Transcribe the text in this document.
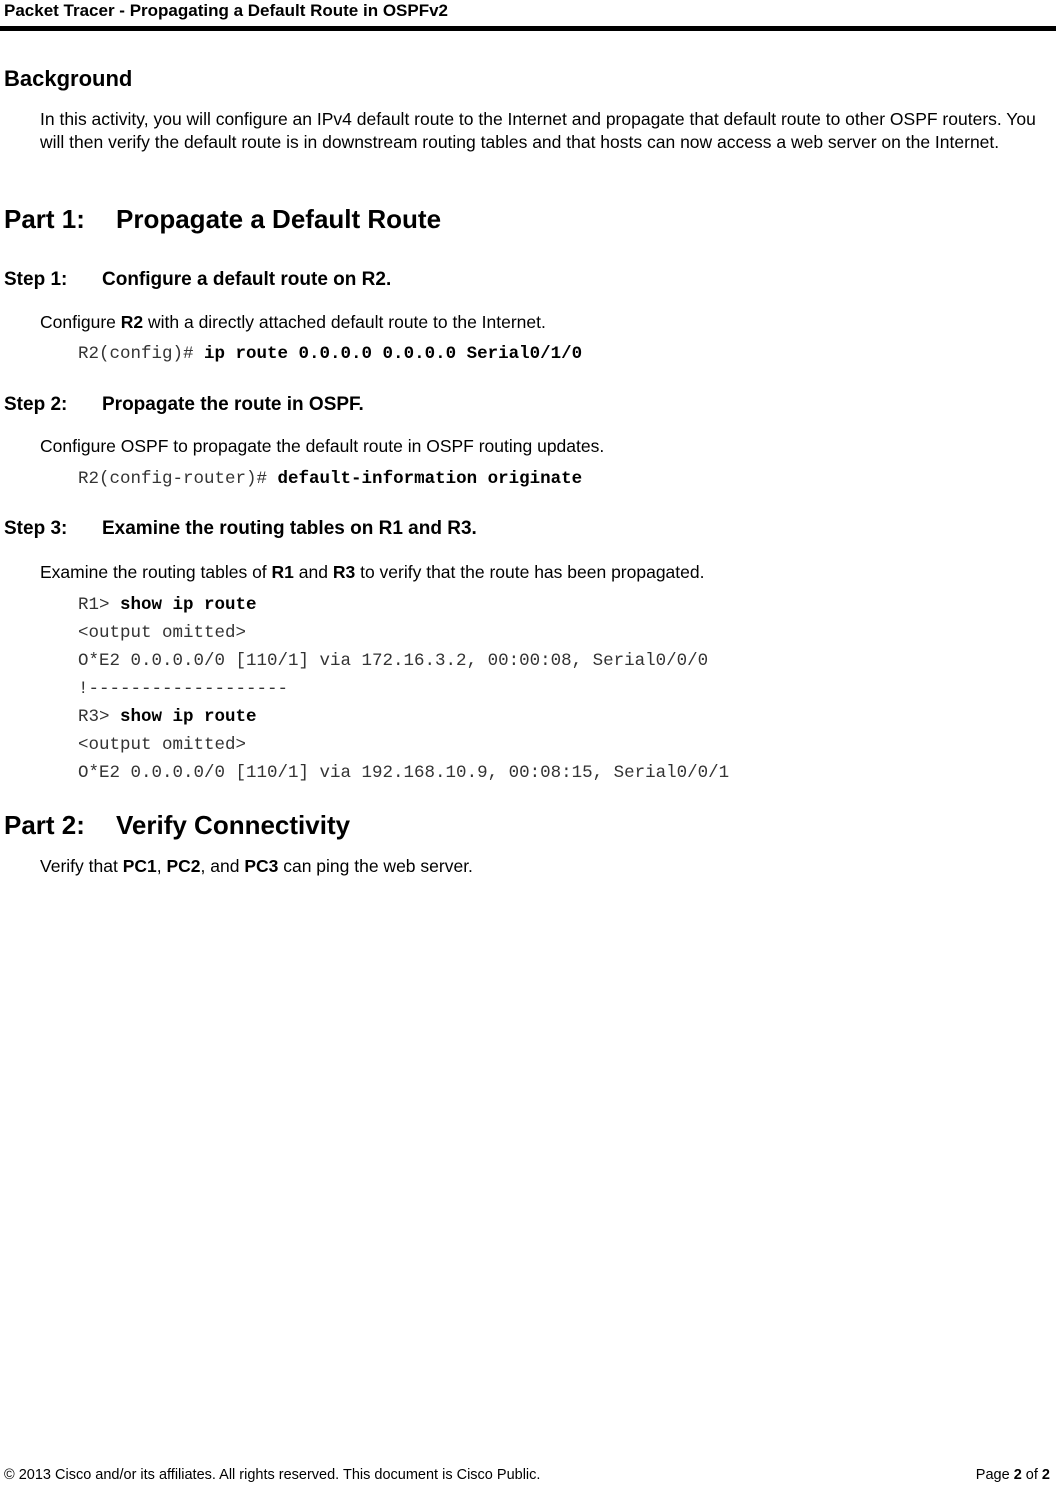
Packet Tracer - Propagating a Default Route in OSPFv2
Background
In this activity, you will configure an IPv4 default route to the Internet and propagate that default route to other OSPF routers. You will then verify the default route is in downstream routing tables and that hosts can now access a web server on the Internet.
Part 1: Propagate a Default Route
Step 1: Configure a default route on R2.
Configure R2 with a directly attached default route to the Internet.
R2(config)# ip route 0.0.0.0 0.0.0.0 Serial0/1/0
Step 2: Propagate the route in OSPF.
Configure OSPF to propagate the default route in OSPF routing updates.
R2(config-router)# default-information originate
Step 3: Examine the routing tables on R1 and R3.
Examine the routing tables of R1 and R3 to verify that the route has been propagated.
R1> show ip route
<output omitted>
O*E2 0.0.0.0/0 [110/1] via 172.16.3.2, 00:00:08, Serial0/0/0
!-------------------
R3> show ip route
<output omitted>
O*E2 0.0.0.0/0 [110/1] via 192.168.10.9, 00:08:15, Serial0/0/1
Part 2: Verify Connectivity
Verify that PC1, PC2, and PC3 can ping the web server.
© 2013 Cisco and/or its affiliates. All rights reserved. This document is Cisco Public.	Page 2 of 2
